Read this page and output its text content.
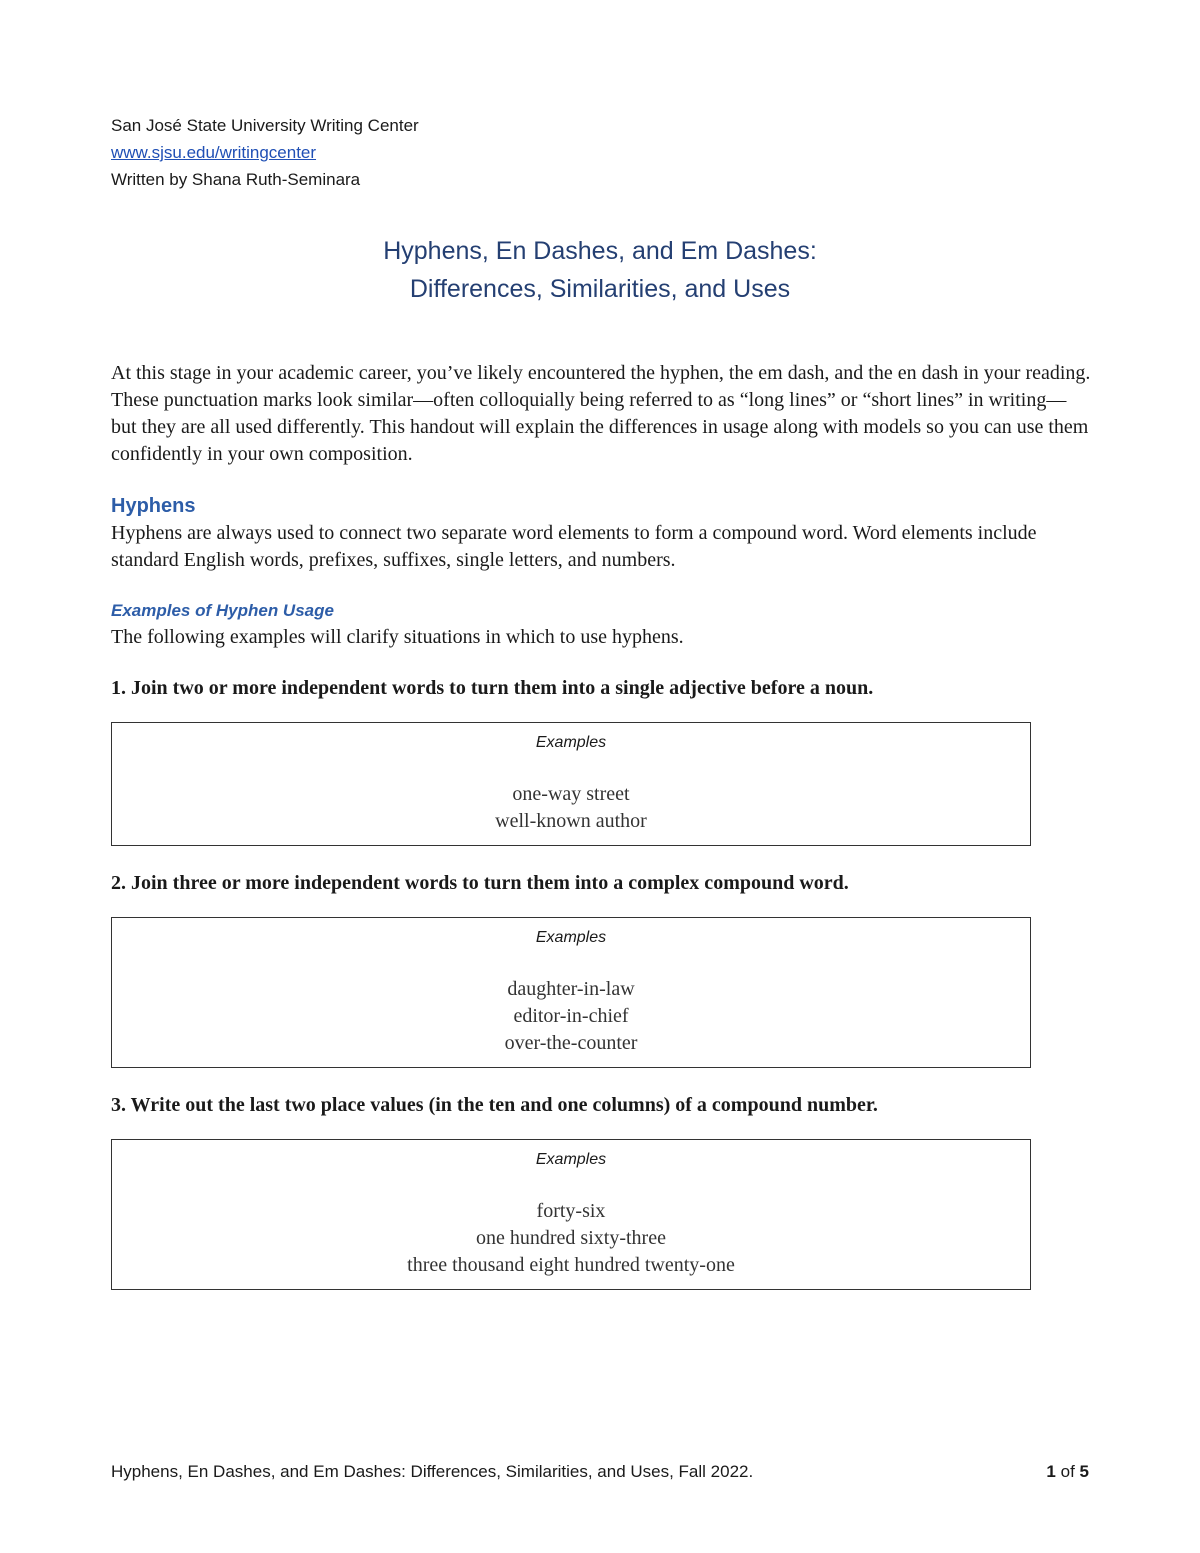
San José State University Writing Center
www.sjsu.edu/writingcenter
Written by Shana Ruth-Seminara
Hyphens, En Dashes, and Em Dashes:
Differences, Similarities, and Uses

At this stage in your academic career, you’ve likely encountered the hyphen, the em dash, and the en dash in your reading. These punctuation marks look similar—often colloquially being referred to as “long lines” or “short lines” in writing—but they are all used differently. This handout will explain the differences in usage along with models so you can use them confidently in your own composition.

Hyphens

Hyphens are always used to connect two separate word elements to form a compound word. Word elements include standard English words, prefixes, suffixes, single letters, and numbers.

Examples of Hyphen Usage

The following examples will clarify situations in which to use hyphens.

1. Join two or more independent words to turn them into a single adjective before a noun.
Examples
one-way street
well-known author
2. Join three or more independent words to turn them into a complex compound word.
Examples
daughter-in-law
editor-in-chief
over-the-counter
3. Write out the last two place values (in the ten and one columns) of a compound number.
Examples
forty-six
one hundred sixty-three
three thousand eight hundred twenty-one
Hyphens, En Dashes, and Em Dashes: Differences, Similarities, and Uses, Fall 2022.	1 of 5
